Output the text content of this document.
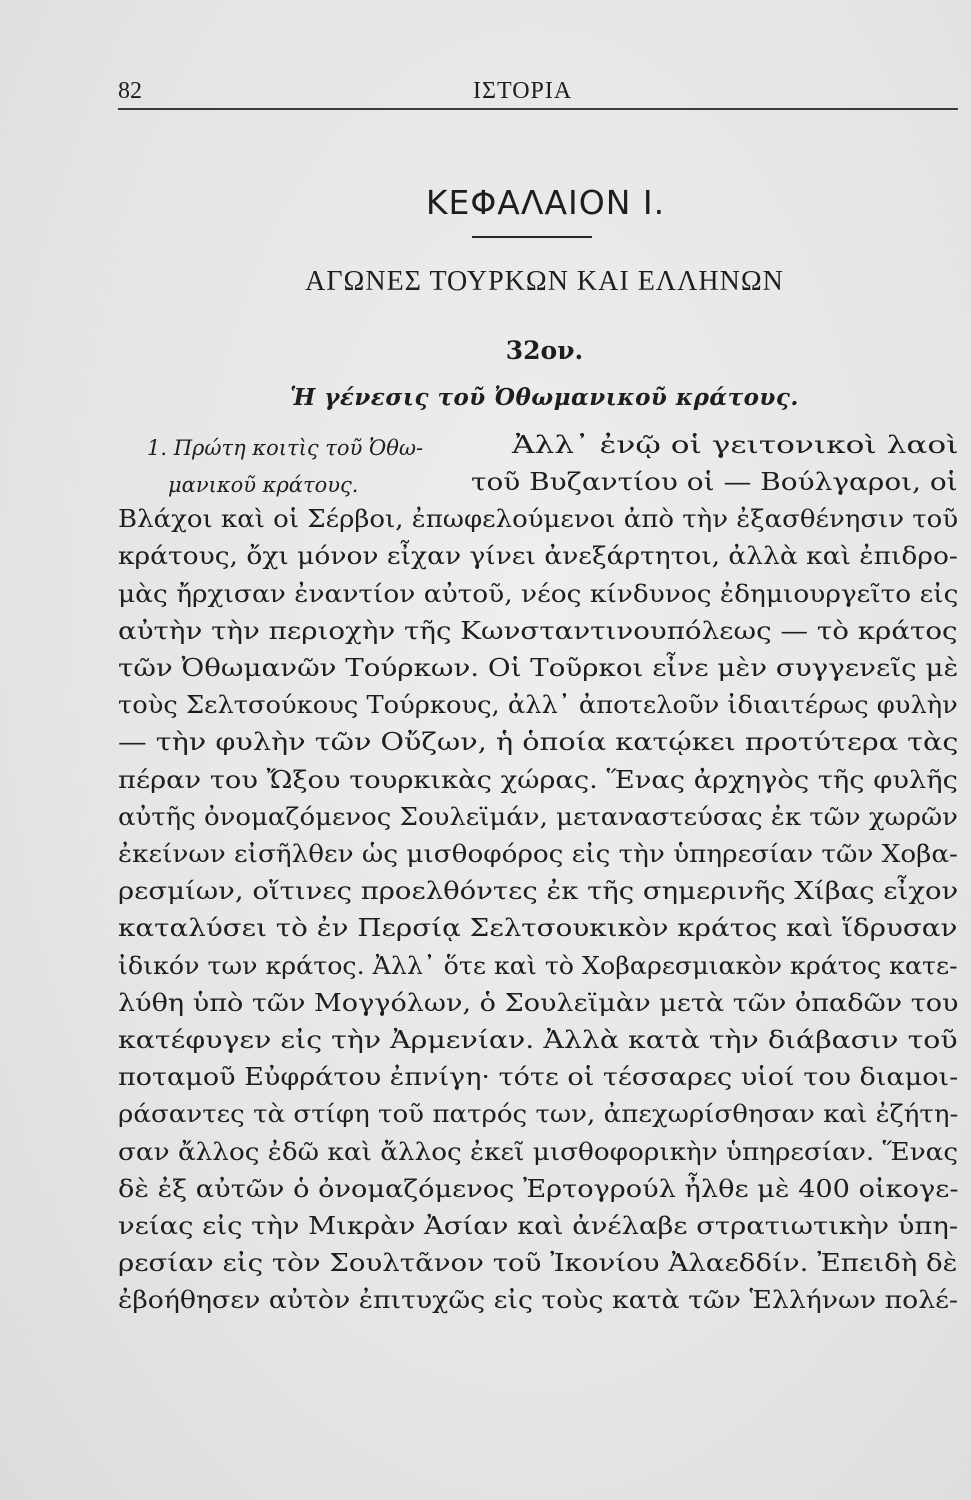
82	ΙΣΤΟΡΙΑ
ΚΕΦΑΛΑΙΟΝ Ι.
ΑΓΩΝΕΣ ΤΟΥΡΚΩΝ ΚΑΙ ΕΛΛΗΝΩΝ
32ον.
Ἡ γένεσις τοῦ Ὀθωμανικοῦ κράτους.
1. Πρώτη κοιτὶς τοῦ Ὀθω-
μανικοῦ κράτους.
Ἀλλ᾿ ἐνῷ οἱ γειτονικοὶ λαοὶ
τοῦ Βυζαντίου οἱ — Βούλγαροι, οἱ
Βλάχοι καὶ οἱ Σέρβοι, ἐπωφελούμενοι ἀπὸ τὴν ἐξασθένησιν τοῦ
κράτους, ὄχι μόνον εἶχαν γίνει ἀνεξάρτητοι, ἀλλὰ καὶ ἐπιδρο-
μὰς ἤρχισαν ἐναντίον αὐτοῦ, νέος κίνδυνος ἐδημιουργεῖτο εἰς
αὐτὴν τὴν περιοχὴν τῆς Κωνσταντινουπόλεως — τὸ κράτος
τῶν Ὀθωμανῶν Τούρκων. Οἱ Τοῦρκοι εἶνε μὲν συγγενεῖς μὲ
τοὺς Σελτσούκους Τούρκους, ἀλλ᾿ ἀποτελοῦν ἰδιαιτέρως φυλὴν
— τὴν φυλὴν τῶν Οὔζων, ἡ ὁποία κατῴκει προτύτερα τὰς
πέραν του Ὤξου τουρκικὰς χώρας. Ἕνας ἀρχηγὸς τῆς φυλῆς
αὐτῆς ὀνομαζόμενος Σουλεϊμάν, μεταναστεύσας ἐκ τῶν χωρῶν
ἐκείνων εἰσῆλθεν ὡς μισθοφόρος εἰς τὴν ὑπηρεσίαν τῶν Χοβα-
ρεσμίων, οἵτινες προελθόντες ἐκ τῆς σημερινῆς Χίβας εἶχον
καταλύσει τὸ ἐν Περσίᾳ Σελτσουκικὸν κράτος καὶ ἵδρυσαν
ἰδικόν των κράτος. Ἀλλ᾿ ὅτε καὶ τὸ Χοβαρεσμιακὸν κράτος κατε-
λύθη ὑπὸ τῶν Μογγόλων, ὁ Σουλεϊμὰν μετὰ τῶν ὀπαδῶν του
κατέφυγεν εἰς τὴν Ἀρμενίαν. Ἀλλὰ κατὰ τὴν διάβασιν τοῦ
ποταμοῦ Εὐφράτου ἐπνίγη· τότε οἱ τέσσαρες υἱοί του διαμοι-
ράσαντες τὰ στίφη τοῦ πατρός των, ἀπεχωρίσθησαν καὶ ἐζήτη-
σαν ἄλλος ἐδῶ καὶ ἄλλος ἐκεῖ μισθοφορικὴν ὑπηρεσίαν. Ἕνας
δὲ ἐξ αὐτῶν ὁ ὀνομαζόμενος Ἐρτογρούλ ἦλθε μὲ 400 οἰκογε-
νείας εἰς τὴν Μικρὰν Ἀσίαν καὶ ἀνέλαβε στρατιωτικὴν ὑπη-
ρεσίαν εἰς τὸν Σουλτᾶνον τοῦ Ἰκονίου Ἀλαεδδίν. Ἐπειδὴ δὲ
ἐβοήθησεν αὐτὸν ἐπιτυχῶς εἰς τοὺς κατὰ τῶν Ἑλλήνων πολέ-
